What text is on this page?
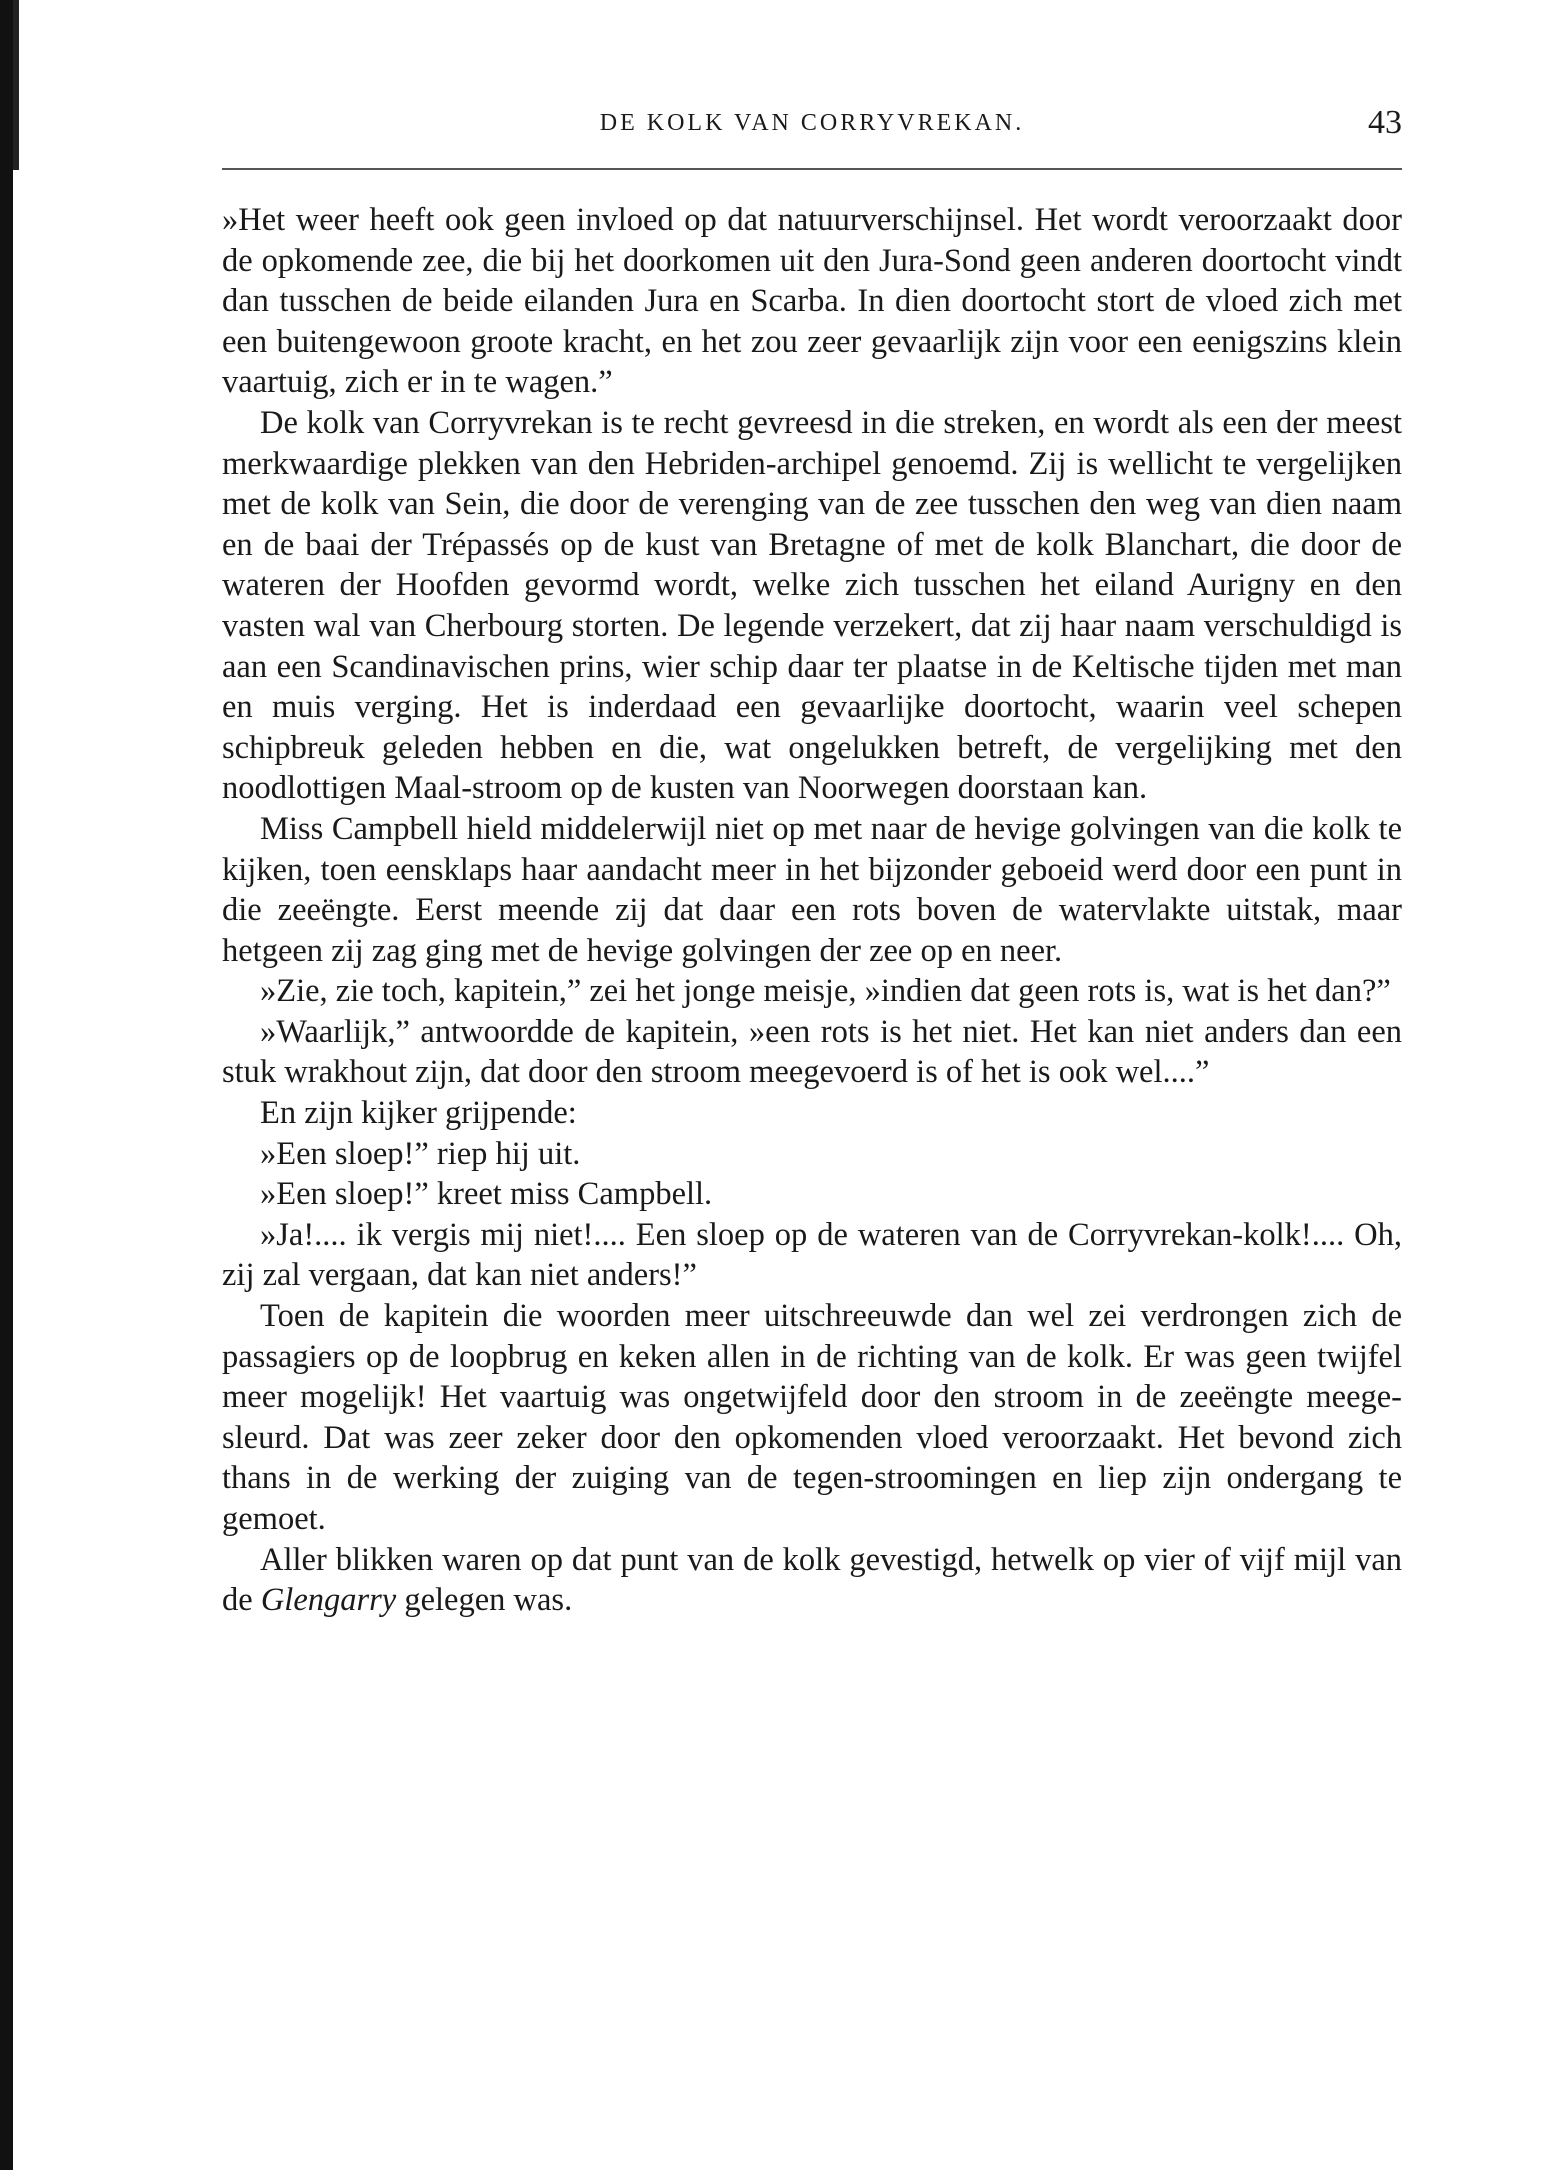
DE KOLK VAN CORRYVREKAN.	43

»Het weer heeft ook geen invloed op dat natuurverschijnsel. Het wordt veroorzaakt door de opkomende zee, die bij het doorkomen uit den Jura-Sond geen anderen doortocht vindt dan tusschen de beide eilanden Jura en Scarba. In dien doortocht stort de vloed zich met een buitengewoon groote kracht, en het zou zeer gevaarlijk zijn voor een eenigszins klein vaartuig, zich er in te wagen.”

De kolk van Corryvrekan is te recht gevreesd in die streken, en wordt als een der meest merkwaardige plekken van den Hebriden-archipel genoemd. Zij is wellicht te vergelijken met de kolk van Sein, die door de verenging van de zee tusschen den weg van dien naam en de baai der Trépassés op de kust van Bretagne of met de kolk Blanchart, die door de wateren der Hoofden gevormd wordt, welke zich tusschen het eiland Aurigny en den vasten wal van Cherbourg storten. De legende verzekert, dat zij haar naam verschuldigd is aan een Scandinavischen prins, wier schip daar ter plaatse in de Keltische tijden met man en muis verging. Het is inderdaad een gevaarlijke doortocht, waarin veel schepen schipbreuk geleden hebben en die, wat ongelukken betreft, de vergelijking met den noodlottigen Maal-stroom op de kusten van Noorwegen doorstaan kan.

Miss Campbell hield middelerwijl niet op met naar de hevige golvingen van die kolk te kijken, toen eensklaps haar aandacht meer in het bijzonder geboeid werd door een punt in die zeeëngte. Eerst meende zij dat daar een rots boven de watervlakte uitstak, maar hetgeen zij zag ging met de hevige golvingen der zee op en neer.

»Zie, zie toch, kapitein,” zei het jonge meisje, »indien dat geen rots is, wat is het dan?”

»Waarlijk,” antwoordde de kapitein, »een rots is het niet. Het kan niet anders dan een stuk wrakhout zijn, dat door den stroom meegevoerd is of het is ook wel....”

En zijn kijker grijpende:

»Een sloep!” riep hij uit.

»Een sloep!” kreet miss Campbell.

»Ja!.... ik vergis mij niet!.... Een sloep op de wateren van de Corryvrekan-kolk!.... Oh, zij zal vergaan, dat kan niet anders!”

Toen de kapitein die woorden meer uitschreeuwde dan wel zei verdrongen zich de passagiers op de loopbrug en keken allen in de richting van de kolk. Er was geen twijfel meer mogelijk! Het vaartuig was ongetwijfeld door den stroom in de zeeëngte meege-sleurd. Dat was zeer zeker door den opkomenden vloed veroorzaakt. Het bevond zich thans in de werking der zuiging van de tegen-stroomingen en liep zijn ondergang te gemoet.

Aller blikken waren op dat punt van de kolk gevestigd, hetwelk op vier of vijf mijl van de Glengarry gelegen was.
